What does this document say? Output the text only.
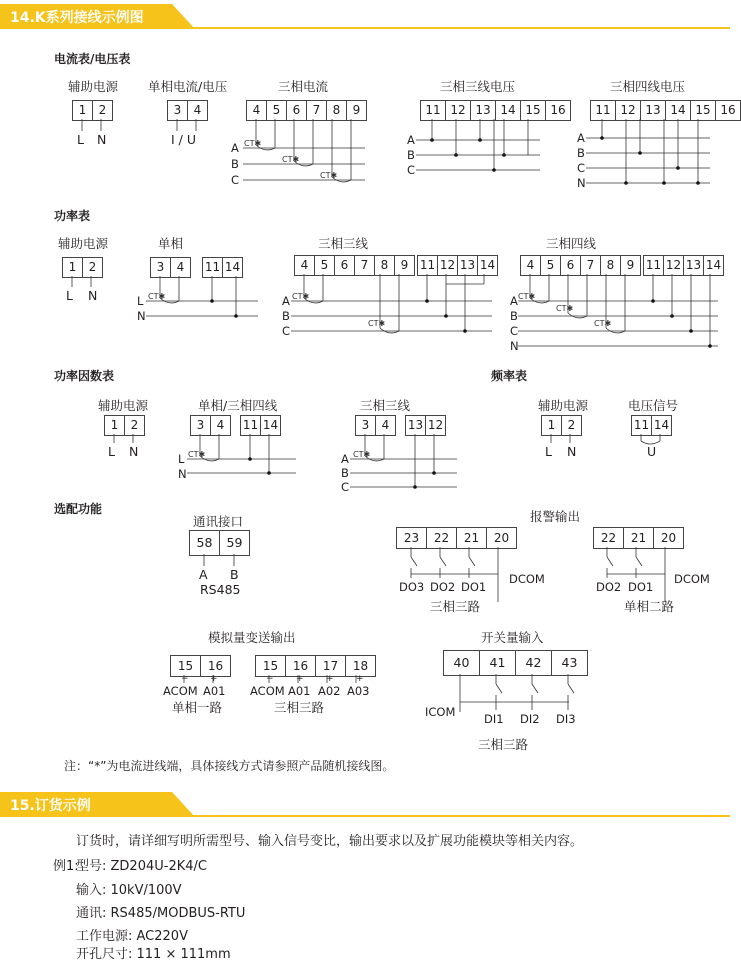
14.K系列接线示例图
电流表/电压表
辅助电源
1	2
L N
单相电流/电压
3	4
I / U
三相电流
4	5	6	7	8	9
A
B
C
三相三线电压
11 12 13 14 15 16
A
B
C
三相四线电压
11 12 13 14 15 16
A
B
C
N
功率表
辅助电源
1	2
L N
单相
3	4	11 14
L
N
三相三线
4	5	6	7	8	9 11 12 13 14
A
B
C
三相四线
4	5	6	7	8	9 11 12 13 14
A
B
C
N
功率因数表
辅助电源
1	2
L N
单相/三相四线
3	4	11 14
L
N
三相三线
3	4	13 12
A
B
C
频率表
辅助电源
1	2
L N
电压信号
11 14
U
选配功能
通讯接口
58	59
A B
RS485
报警输出
23	22	21	20
DO3 DO2 DO1
DCOM
三相三路
22	21	20
DO2 DO1
DCOM
单相二路
模拟量变送输出
15	16
− +
ACOM A01
单相一路
15	16	17	18
− + + +
ACOM A01 A02 A03
三相三路
开关量输入
40	41	42	43
ICOM DI1 DI2 DI3
三相三路
注：“*”为电流进线端，具体接线方式请参照产品随机接线图。
CT✱
CT✱
CT✱
CT✱	CT✱
CT✱
CT✱
CT✱
CT✱
CT✱	CT✱
15.订货示例
订货时，请详细写明所需型号、输入信号变比，输出要求以及扩展功能模块等相关内容。
例1:
型号: ZD204U-2K4/C
输入: 10kV/100V
通讯: RS485/MODBUS-RTU
工作电源: AC220V
开孔尺寸: 111 × 111mm
